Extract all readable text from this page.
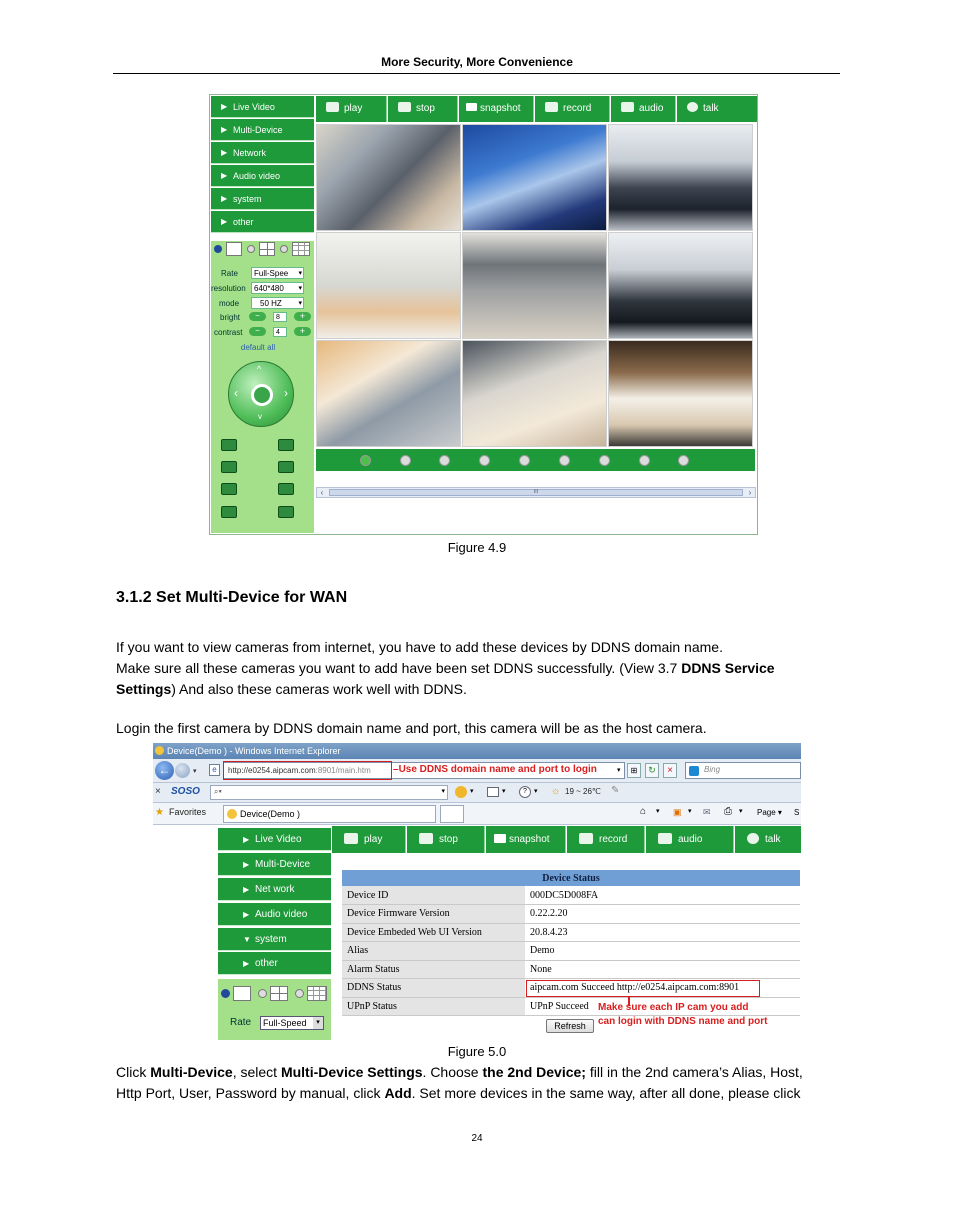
More Security, More Convenience
▶ Live Video
▶ Multi-Device
▶ Network
▶ Audio video
▶ system
▶ other
play	stop	snapshot	record	audio	talk
Rate	Full-Spee ▾
resolution	640*480 ▾
mode	50 HZ ▾
bright	−	8	+
contrast	−	4	+
default all
^
‹	›
v
‹	III	›
Figure 4.9
3.1.2 Set Multi-Device for WAN
If you want to view cameras from internet, you have to add these devices by DDNS domain name.
Make sure all these cameras you want to add have been set DDNS successfully. (View 3.7 DDNS Service
Settings) And also these cameras work well with DDNS.
Login the first camera by DDNS domain name and port, this camera will be as the host camera.
Device(Demo ) - Windows Internet Explorer
←	▾	e	http://e0254.aipcam.com:8901/main.htm	–Use DDNS domain name and port to login	▾	⊞	↻	×	Bing
× SOSO ⌕▾	▾	▾	▾	?	▾ ☼ 19 ~ 26℃ ✎
★ Favorites	Device(Demo )	⌂ ▾ ▣ ▾ ✉ ⎙ ▾ Page ▾ S
▶ Live Video
▶ Multi-Device
▶ Net work
▶ Audio video
▼ system
▶ other
Rate	Full-Speed	▾
play	stop	snapshot	record	audio	talk
Device Status	
Device ID	000DC5D008FA
Device Firmware Version	0.22.2.20
Device Embeded Web UI Version	20.8.4.23
Alias	Demo
Alarm Status	None
DDNS Status	aipcam.com Succeed http://e0254.aipcam.com:8901
UPnP Status	UPnP Succeed Make sure each IP cam you add
can login with DDNS name and port
Refresh
Figure 5.0
Click Multi-Device, select Multi-Device Settings. Choose the 2nd Device; fill in the 2nd camera’s Alias, Host,
Http Port, User, Password by manual, click Add. Set more devices in the same way, after all done, please click
24
